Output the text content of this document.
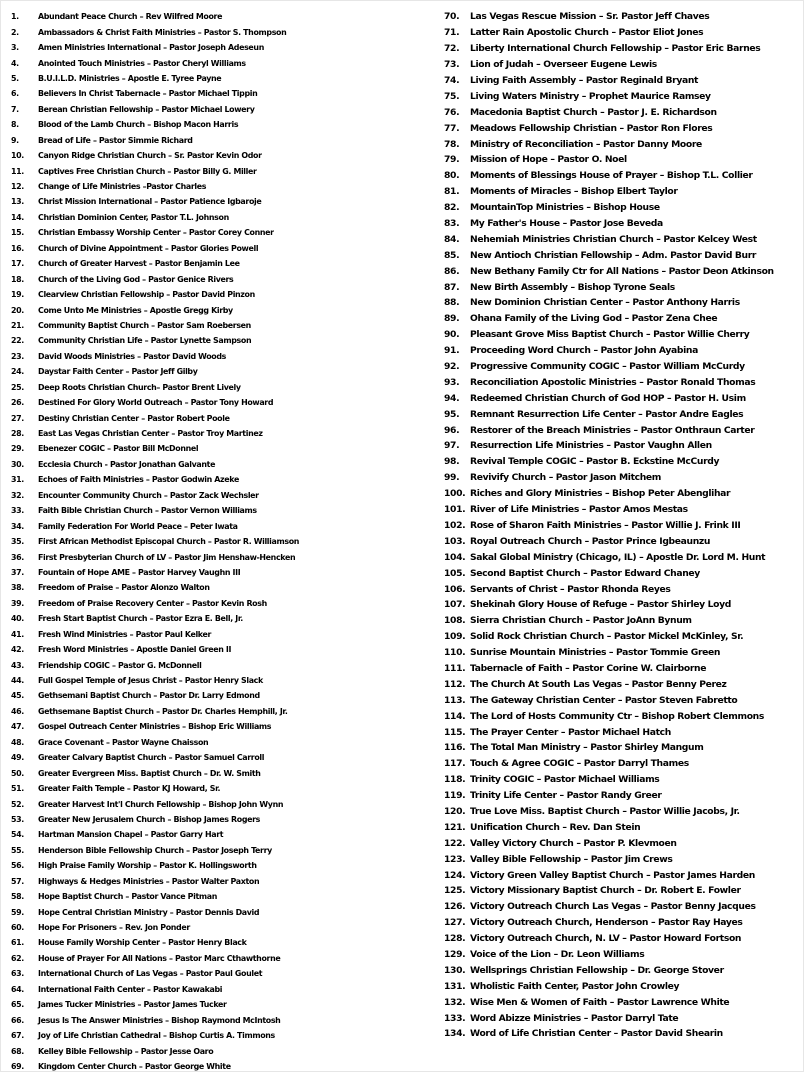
1.	Abundant Peace Church – Rev Wilfred Moore
2.	Ambassadors & Christ Faith Ministries – Pastor S. Thompson
3.	Amen Ministries International – Pastor Joseph Adeseun
4.	Anointed Touch Ministries – Pastor Cheryl Williams
5.	B.U.I.L.D. Ministries – Apostle E. Tyree Payne
6.	Believers In Christ Tabernacle – Pastor Michael Tippin
7.	Berean Christian Fellowship – Pastor Michael Lowery
8.	Blood of the Lamb Church – Bishop Macon Harris
9.	Bread of Life – Pastor Simmie Richard
10.	Canyon Ridge Christian Church – Sr. Pastor Kevin Odor
11.	Captives Free Christian Church – Pastor Billy G. Miller
12.	Change of Life Ministries –Pastor Charles
13.	Christ Mission International – Pastor Patience Igbaroje
14.	Christian Dominion Center, Pastor T.L. Johnson
15.	Christian Embassy Worship Center – Pastor Corey Conner
16.	Church of Divine Appointment – Pastor Glories Powell
17.	Church of Greater Harvest – Pastor Benjamin Lee
18.	Church of the Living God – Pastor Genice Rivers
19.	Clearview Christian Fellowship – Pastor David Pinzon
20.	Come Unto Me Ministries – Apostle Gregg Kirby
21.	Community Baptist Church – Pastor Sam Roebersen
22.	Community Christian Life – Pastor Lynette Sampson
23.	David Woods Ministries – Pastor David Woods
24.	Daystar Faith Center – Pastor Jeff Gilby
25.	Deep Roots Christian Church– Pastor Brent Lively
26.	Destined For Glory World Outreach – Pastor Tony Howard
27.	Destiny Christian Center – Pastor Robert Poole
28.	East Las Vegas Christian Center – Pastor Troy Martinez
29.	Ebenezer COGIC – Pastor Bill McDonnel
30.	Ecclesia Church - Pastor Jonathan Galvante
31.	Echoes of Faith Ministries – Pastor Godwin Azeke
32.	Encounter Community Church – Pastor Zack Wechsler
33.	Faith Bible Christian Church – Pastor Vernon Williams
34.	Family Federation For World Peace – Peter Iwata
35.	First African Methodist Episcopal Church – Pastor R. Williamson
36.	First Presbyterian Church of LV – Pastor Jim Henshaw-Hencken
37.	Fountain of Hope AME – Pastor Harvey Vaughn III
38.	Freedom of Praise – Pastor Alonzo Walton
39.	Freedom of Praise Recovery Center – Pastor Kevin Rosh
40.	Fresh Start Baptist Church – Pastor Ezra E. Bell, Jr.
41.	Fresh Wind Ministries – Pastor Paul Kelker
42.	Fresh Word Ministries – Apostle Daniel Green II
43.	Friendship COGIC – Pastor G. McDonnell
44.	Full Gospel Temple of Jesus Christ – Pastor Henry Slack
45.	Gethsemani Baptist Church – Pastor Dr. Larry Edmond
46.	Gethsemane Baptist Church – Pastor Dr. Charles Hemphill, Jr.
47.	Gospel Outreach Center Ministries – Bishop Eric Williams
48.	Grace Covenant – Pastor Wayne Chaisson
49.	Greater Calvary Baptist Church – Pastor Samuel Carroll
50.	Greater Evergreen Miss. Baptist Church – Dr. W. Smith
51.	Greater Faith Temple – Pastor KJ Howard, Sr.
52.	Greater Harvest Int'l Church Fellowship – Bishop John Wynn
53.	Greater New Jerusalem Church – Bishop James Rogers
54.	Hartman Mansion Chapel – Pastor Garry Hart
55.	Henderson Bible Fellowship Church – Pastor Joseph Terry
56.	High Praise Family Worship – Pastor K. Hollingsworth
57.	Highways & Hedges Ministries – Pastor Walter Paxton
58.	Hope Baptist Church – Pastor Vance Pitman
59.	Hope Central Christian Ministry – Pastor Dennis David
60.	Hope For Prisoners – Rev. Jon Ponder
61.	House Family Worship Center – Pastor Henry Black
62.	House of Prayer For All Nations – Pastor Marc Cthawthorne
63.	International Church of Las Vegas – Pastor Paul Goulet
64.	International Faith Center – Pastor Kawakabi
65.	James Tucker Ministries – Pastor James Tucker
66.	Jesus Is The Answer Ministries – Bishop Raymond McIntosh
67.	Joy of Life Christian Cathedral – Bishop Curtis A. Timmons
68.	Kelley Bible Fellowship – Pastor Jesse Oaro
69.	Kingdom Center Church – Pastor George White
70.	Las Vegas Rescue Mission – Sr. Pastor Jeff Chaves
71.	Latter Rain Apostolic Church – Pastor Eliot Jones
72.	Liberty International Church Fellowship – Pastor Eric Barnes
73.	Lion of Judah – Overseer Eugene Lewis
74.	Living Faith Assembly – Pastor Reginald Bryant
75.	Living Waters Ministry – Prophet Maurice Ramsey
76.	Macedonia Baptist Church – Pastor J. E. Richardson
77.	Meadows Fellowship Christian – Pastor Ron Flores
78.	Ministry of Reconciliation – Pastor Danny Moore
79.	Mission of Hope – Pastor O. Noel
80.	Moments of Blessings House of Prayer – Bishop T.L. Collier
81.	Moments of Miracles – Bishop Elbert Taylor
82.	MountainTop Ministries – Bishop House
83.	My Father's House – Pastor Jose Beveda
84.	Nehemiah Ministries Christian Church – Pastor Kelcey West
85.	New Antioch Christian Fellowship – Adm. Pastor David Burr
86.	New Bethany Family Ctr for All Nations – Pastor Deon Atkinson
87.	New Birth Assembly – Bishop Tyrone Seals
88.	New Dominion Christian Center – Pastor Anthony Harris
89.	Ohana Family of the Living God – Pastor Zena Chee
90.	Pleasant Grove Miss Baptist Church – Pastor Willie Cherry
91.	Proceeding Word Church – Pastor John Ayabina
92.	Progressive Community COGIC – Pastor William McCurdy
93.	Reconciliation Apostolic Ministries – Pastor Ronald Thomas
94.	Redeemed Christian Church of God HOP – Pastor H. Usim
95.	Remnant Resurrection Life Center – Pastor Andre Eagles
96.	Restorer of the Breach Ministries – Pastor Onthraun Carter
97.	Resurrection Life Ministries – Pastor Vaughn Allen
98.	Revival Temple COGIC – Pastor B. Eckstine McCurdy
99.	Revivify Church – Pastor Jason Mitchem
100. Riches and Glory Ministries – Bishop Peter Abenglihar
101. River of Life Ministries – Pastor Amos Mestas
102. Rose of Sharon Faith Ministries – Pastor Willie J. Frink III
103. Royal Outreach Church – Pastor Prince Igbeaunzu
104. Sakal Global Ministry (Chicago, IL) – Apostle Dr. Lord M. Hunt
105. Second Baptist Church – Pastor Edward Chaney
106. Servants of Christ – Pastor Rhonda Reyes
107. Shekinah Glory House of Refuge – Pastor Shirley Loyd
108. Sierra Christian Church – Pastor JoAnn Bynum
109. Solid Rock Christian Church – Pastor Mickel McKinley, Sr.
110. Sunrise Mountain Ministries – Pastor Tommie Green
111. Tabernacle of Faith – Pastor Corine W. Clairborne
112. The Church At South Las Vegas – Pastor Benny Perez
113. The Gateway Christian Center – Pastor Steven Fabretto
114. The Lord of Hosts Community Ctr – Bishop Robert Clemmons
115. The Prayer Center – Pastor Michael Hatch
116. The Total Man Ministry – Pastor Shirley Mangum
117. Touch & Agree COGIC – Pastor Darryl Thames
118. Trinity COGIC – Pastor Michael Williams
119. Trinity Life Center – Pastor Randy Greer
120. True Love Miss. Baptist Church – Pastor Willie Jacobs, Jr.
121. Unification Church – Rev. Dan Stein
122. Valley Victory Church – Pastor P. Klevmoen
123. Valley Bible Fellowship – Pastor Jim Crews
124. Victory Green Valley Baptist Church – Pastor James Harden
125. Victory Missionary Baptist Church – Dr. Robert E. Fowler
126. Victory Outreach Church Las Vegas – Pastor Benny Jacques
127. Victory Outreach Church, Henderson – Pastor Ray Hayes
128. Victory Outreach Church, N. LV – Pastor Howard Fortson
129. Voice of the Lion – Dr. Leon Williams
130. Wellsprings Christian Fellowship – Dr. George Stover
131. Wholistic Faith Center, Pastor John Crowley
132. Wise Men & Women of Faith – Pastor Lawrence White
133. Word Abizze Ministries – Pastor Darryl Tate
134. Word of Life Christian Center – Pastor David Shearin
